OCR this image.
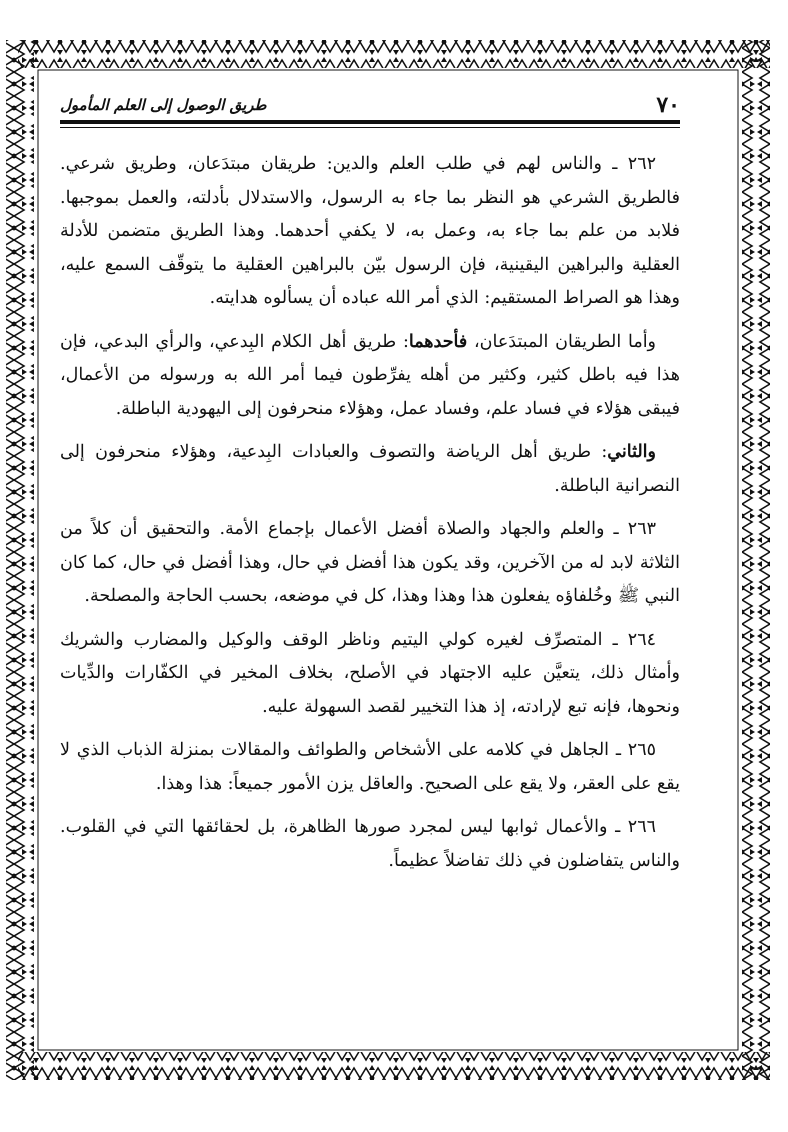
٧٠
طريق الوصول إلى العلم المأمول

٢٦٢ ـ والناس لهم في طلب العلم والدين: طريقان مبتدَعان، وطريق شرعي. فالطريق الشرعي هو النظر بما جاء به الرسول، والاستدلال بأدلته، والعمل بموجبها. فلابد من علم بما جاء به، وعمل به، لا يكفي أحدهما. وهذا الطريق متضمن للأدلة العقلية والبراهين اليقينية، فإن الرسول بيّن بالبراهين العقلية ما يتوقّف السمع عليه، وهذا هو الصراط المستقيم: الذي أمر الله عباده أن يسألوه هدايته.

وأما الطريقان المبتدَعان، فأحدهما: طريق أهل الكلام البِدعي، والرأي البدعي، فإن هذا فيه باطل كثير، وكثير من أهله يفرِّطون فيما أمر الله به ورسوله من الأعمال، فيبقى هؤلاء في فساد علم، وفساد عمل، وهؤلاء منحرفون إلى اليهودية الباطلة.

والثاني: طريق أهل الرياضة والتصوف والعبادات البِدعية، وهؤلاء منحرفون إلى النصرانية الباطلة.

٢٦٣ ـ والعلم والجهاد والصلاة أفضل الأعمال بإجماع الأمة. والتحقيق أن كلاً من الثلاثة لابد له من الآخرين، وقد يكون هذا أفضل في حال، وهذا أفضل في حال، كما كان النبي ﷺ وخُلفاؤه يفعلون هذا وهذا وهذا، كل في موضعه، بحسب الحاجة والمصلحة.

٢٦٤ ـ المتصرِّف لغيره كولي اليتيم وناظر الوقف والوكيل والمضارب والشريك وأمثال ذلك، يتعيَّن عليه الاجتهاد في الأصلح، بخلاف المخير في الكفّارات والدِّيات ونحوها، فإنه تبع لإرادته، إذ هذا التخيير لقصد السهولة عليه.

٢٦٥ ـ الجاهل في كلامه على الأشخاص والطوائف والمقالات بمنزلة الذباب الذي لا يقع على العقر، ولا يقع على الصحيح. والعاقل يزن الأمور جميعاً: هذا وهذا.

٢٦٦ ـ والأعمال ثوابها ليس لمجرد صورها الظاهرة، بل لحقائقها التي في القلوب. والناس يتفاضلون في ذلك تفاضلاً عظيماً.
